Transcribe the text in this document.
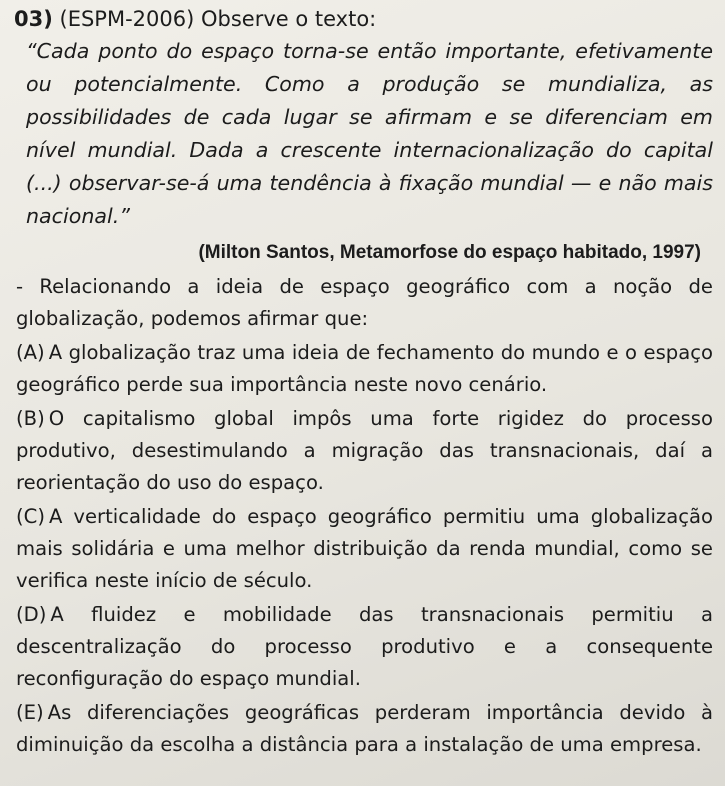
03) (ESPM-2006) Observe o texto:

“Cada ponto do espaço torna-se então importante, efetivamente ou potencialmente. Como a produção se mundializa, as possibilidades de cada lugar se afirmam e se diferenciam em nível mundial. Dada a crescente internacionalização do capital (...) observar-se-á uma tendência à fixação mundial — e não mais nacional.”

(Milton Santos, Metamorfose do espaço habitado, 1997)

- Relacionando a ideia de espaço geográfico com a noção de globalização, podemos afirmar que:

(A) A globalização traz uma ideia de fechamento do mundo e o espaço geográfico perde sua importância neste novo cenário.
(B) O capitalismo global impôs uma forte rigidez do processo produtivo, desestimulando a migração das transnacionais, daí a reorientação do uso do espaço.
(C) A verticalidade do espaço geográfico permitiu uma globalização mais solidária e uma melhor distribuição da renda mundial, como se verifica neste início de século.
(D) A fluidez e mobilidade das transnacionais permitiu a descentralização do processo produtivo e a consequente reconfiguração do espaço mundial.
(E) As diferenciações geográficas perderam importância devido à diminuição da escolha a distância para a instalação de uma empresa.
